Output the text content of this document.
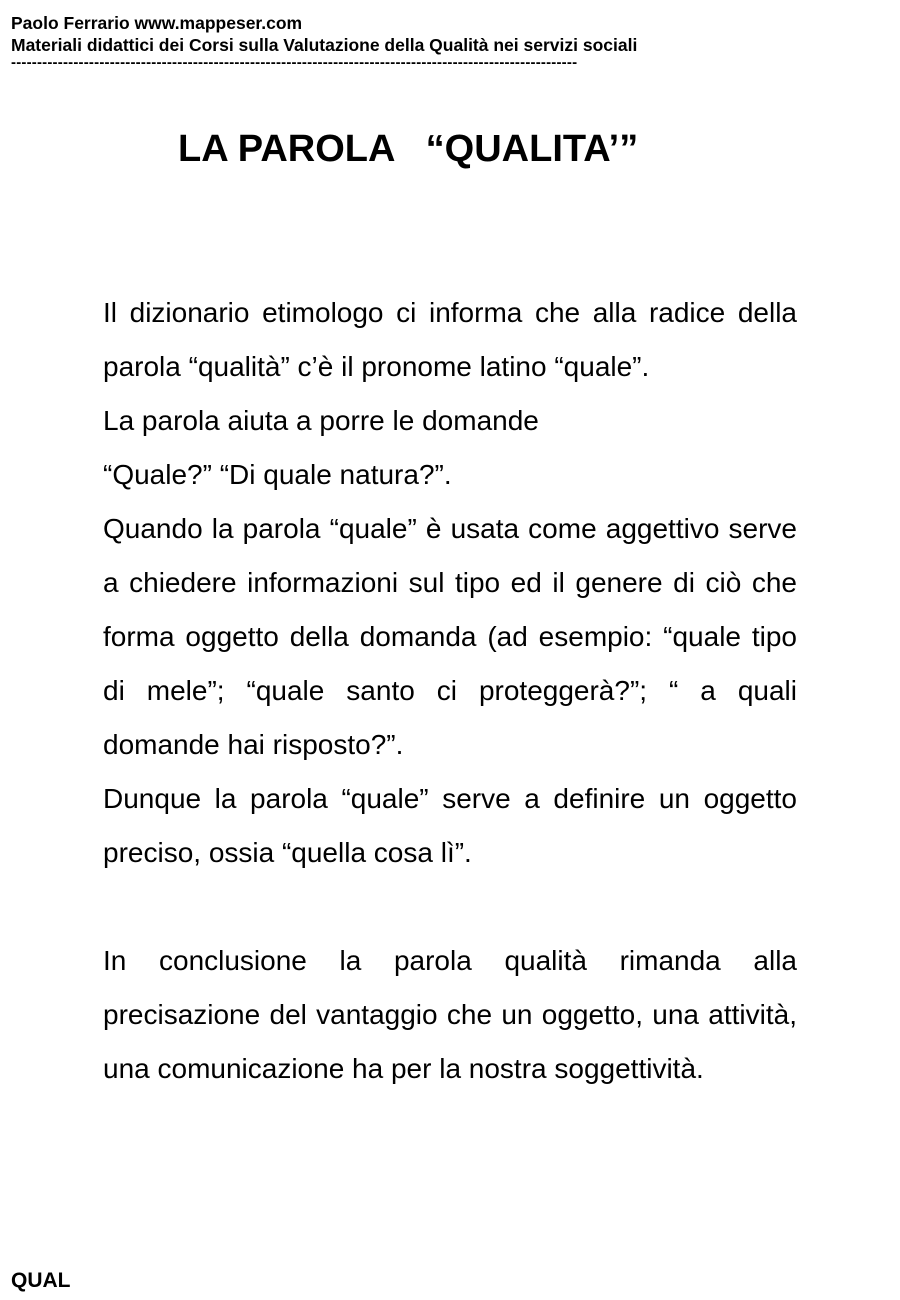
Paolo Ferrario www.mappeser.com
Materiali didattici dei Corsi sulla Valutazione della Qualità nei servizi sociali
-------------------------------------------------------------------------------------------------------------
LA PAROLA   “QUALITA’”

Il dizionario etimologo ci informa che alla radice della parola “qualità” c’è il pronome latino “quale”.

La parola aiuta a porre le domande

“Quale?” “Di quale natura?”.

Quando la parola “quale” è usata come aggettivo serve a chiedere informazioni sul tipo ed il genere di ciò che forma oggetto della domanda (ad esempio: “quale tipo di mele”; “quale santo ci proteggerà?”; “ a quali domande hai risposto?”.

Dunque la parola “quale” serve a definire un oggetto preciso, ossia “quella cosa lì”.

In conclusione la parola qualità rimanda alla precisazione del vantaggio che un oggetto, una attività, una comunicazione ha per la nostra soggettività.

QUAL
